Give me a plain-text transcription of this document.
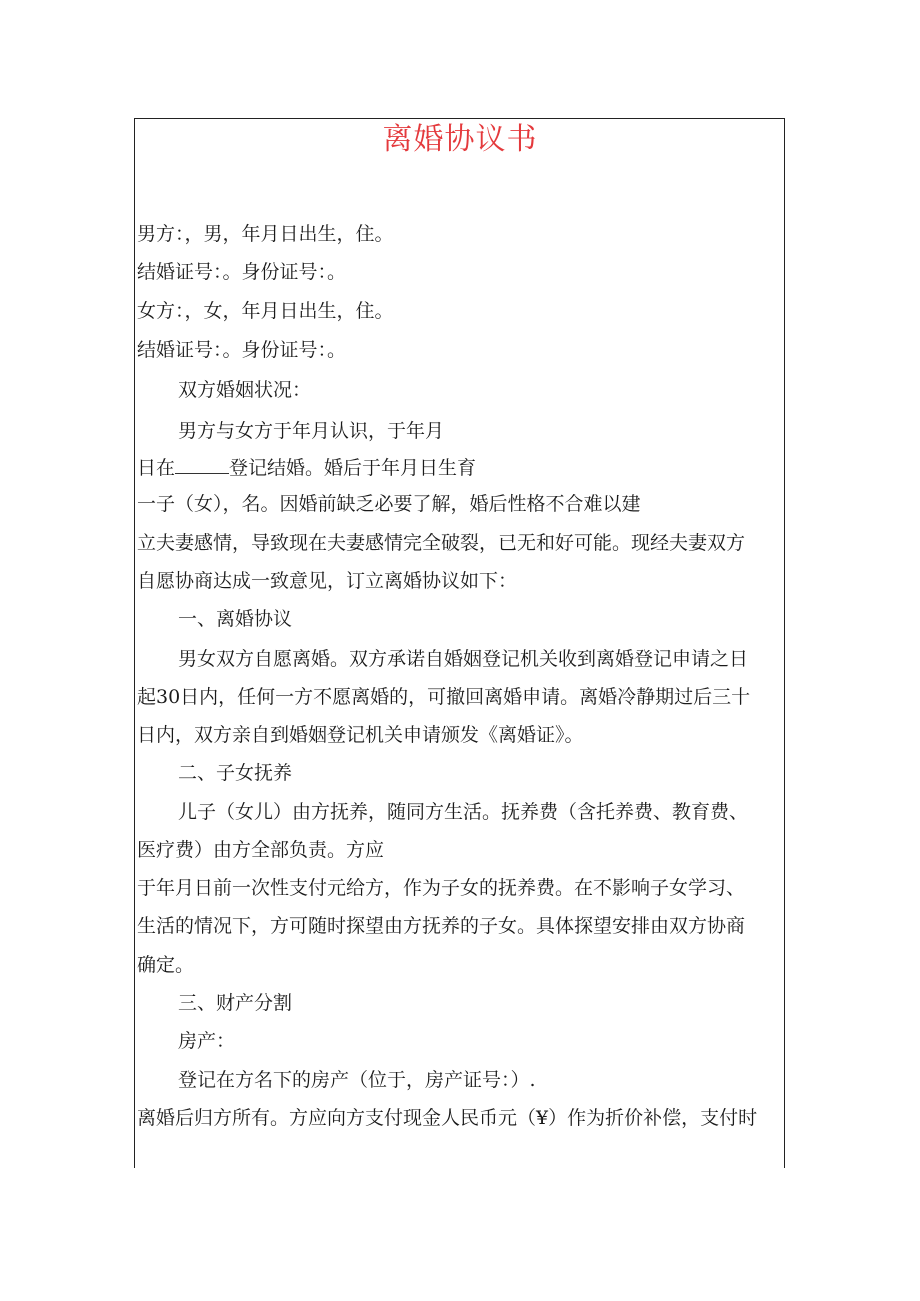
离婚协议书
男方：，男，年月日出生，住。
结婚证号：。身份证号：。
女方：，女，年月日出生，住。
结婚证号：。身份证号：。
双方婚姻状况：
男方与女方于年月认识，于年月
日在	登记结婚。婚后于年月日生育
一子（女），名。因婚前缺乏必要了解，婚后性格不合难以建
立夫妻感情，导致现在夫妻感情完全破裂，已无和好可能。现经夫妻双方
自愿协商达成一致意见，订立离婚协议如下：
一、离婚协议
男女双方自愿离婚。双方承诺自婚姻登记机关收到离婚登记申请之日
起30日内，任何一方不愿离婚的，可撤回离婚申请。离婚冷静期过后三十
日内，双方亲自到婚姻登记机关申请颁发《离婚证》。
二、子女抚养
儿子（女儿）由方抚养，随同方生活。抚养费（含托养费、教育费、
医疗费）由方全部负责。方应
于年月日前一次性支付元给方，作为子女的抚养费。在不影响子女学习、
生活的情况下，方可随时探望由方抚养的子女。具体探望安排由双方协商
确定。
三、财产分割
房产：
登记在方名下的房产（位于，房产证号：）.
离婚后归方所有。方应向方支付现金人民币元（¥）作为折价补偿，支付时
